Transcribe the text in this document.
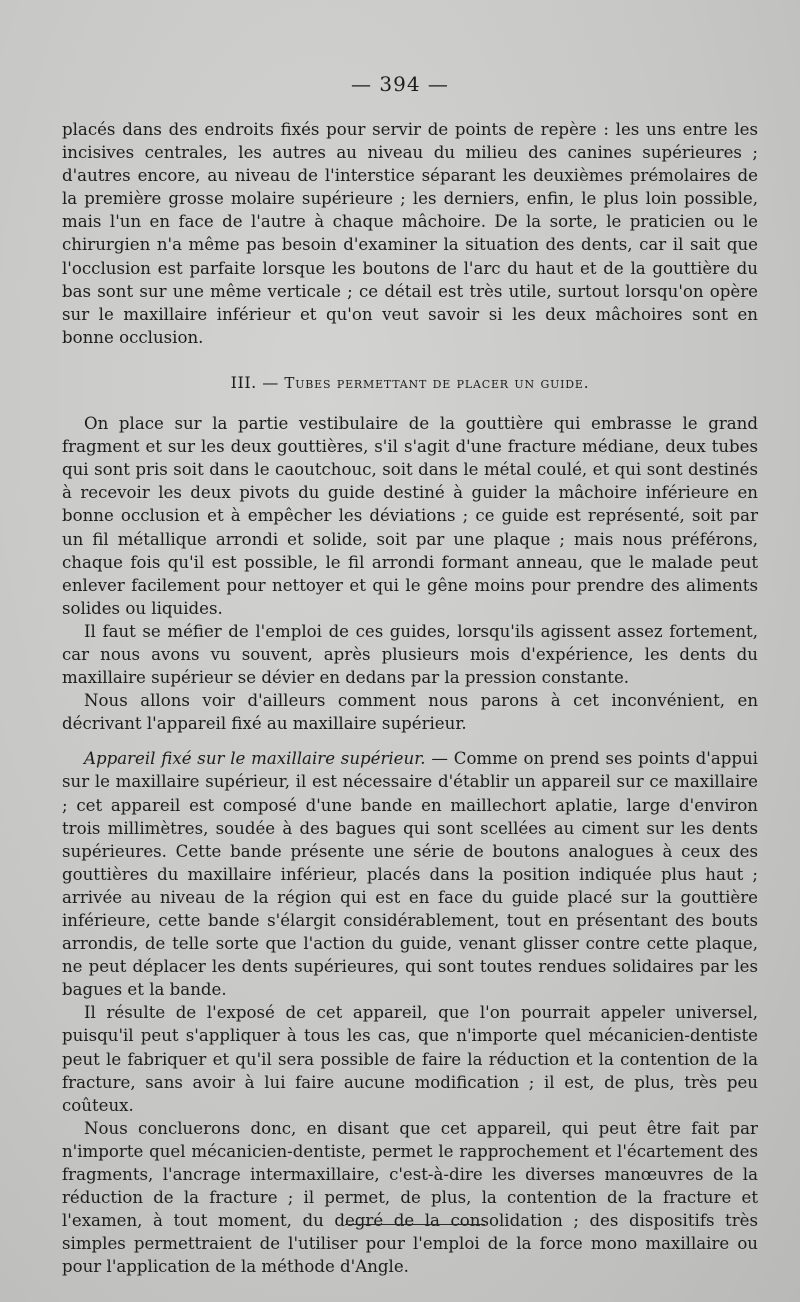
— 394 —

placés dans des endroits fixés pour servir de points de repère : les uns entre les incisives centrales, les autres au niveau du milieu des canines supérieures ; d'autres encore, au niveau de l'interstice séparant les deuxièmes prémolaires de la première grosse molaire supérieure ; les derniers, enfin, le plus loin possible, mais l'un en face de l'autre à chaque mâchoire. De la sorte, le praticien ou le chirurgien n'a même pas besoin d'examiner la situation des dents, car il sait que l'occlusion est parfaite lorsque les boutons de l'arc du haut et de la gouttière du bas sont sur une même verticale ; ce détail est très utile, surtout lorsqu'on opère sur le maxillaire inférieur et qu'on veut savoir si les deux mâchoires sont en bonne occlusion.

III. — Tubes permettant de placer un guide.

On place sur la partie vestibulaire de la gouttière qui embrasse le grand fragment et sur les deux gouttières, s'il s'agit d'une fracture médiane, deux tubes qui sont pris soit dans le caoutchouc, soit dans le métal coulé, et qui sont destinés à recevoir les deux pivots du guide destiné à guider la mâchoire inférieure en bonne occlusion et à empêcher les déviations ; ce guide est représenté, soit par un fil métallique arrondi et solide, soit par une plaque ; mais nous préférons, chaque fois qu'il est possible, le fil arrondi formant anneau, que le malade peut enlever facilement pour nettoyer et qui le gêne moins pour prendre des aliments solides ou liquides.

Il faut se méfier de l'emploi de ces guides, lorsqu'ils agissent assez fortement, car nous avons vu souvent, après plusieurs mois d'expérience, les dents du maxillaire supérieur se dévier en dedans par la pression constante.

Nous allons voir d'ailleurs comment nous parons à cet inconvénient, en décrivant l'appareil fixé au maxillaire supérieur.

Appareil fixé sur le maxillaire supérieur. — Comme on prend ses points d'appui sur le maxillaire supérieur, il est nécessaire d'établir un appareil sur ce maxillaire ; cet appareil est composé d'une bande en maillechort aplatie, large d'environ trois millimètres, soudée à des bagues qui sont scellées au ciment sur les dents supérieures. Cette bande présente une série de boutons analogues à ceux des gouttières du maxillaire inférieur, placés dans la position indiquée plus haut ; arrivée au niveau de la région qui est en face du guide placé sur la gouttière inférieure, cette bande s'élargit considérablement, tout en présentant des bouts arrondis, de telle sorte que l'action du guide, venant glisser contre cette plaque, ne peut déplacer les dents supérieures, qui sont toutes rendues solidaires par les bagues et la bande.

Il résulte de l'exposé de cet appareil, que l'on pourrait appeler universel, puisqu'il peut s'appliquer à tous les cas, que n'importe quel mécanicien-dentiste peut le fabriquer et qu'il sera possible de faire la réduction et la contention de la fracture, sans avoir à lui faire aucune modification ; il est, de plus, très peu coûteux.

Nous concluerons donc, en disant que cet appareil, qui peut être fait par n'importe quel mécanicien-dentiste, permet le rapprochement et l'écartement des fragments, l'ancrage intermaxillaire, c'est-à-dire les diverses manœuvres de la réduction de la fracture ; il permet, de plus, la contention de la fracture et l'examen, à tout moment, du degré de la consolidation ; des dispositifs très simples permettraient de l'utiliser pour l'emploi de la force mono maxillaire ou pour l'application de la méthode d'Angle.
